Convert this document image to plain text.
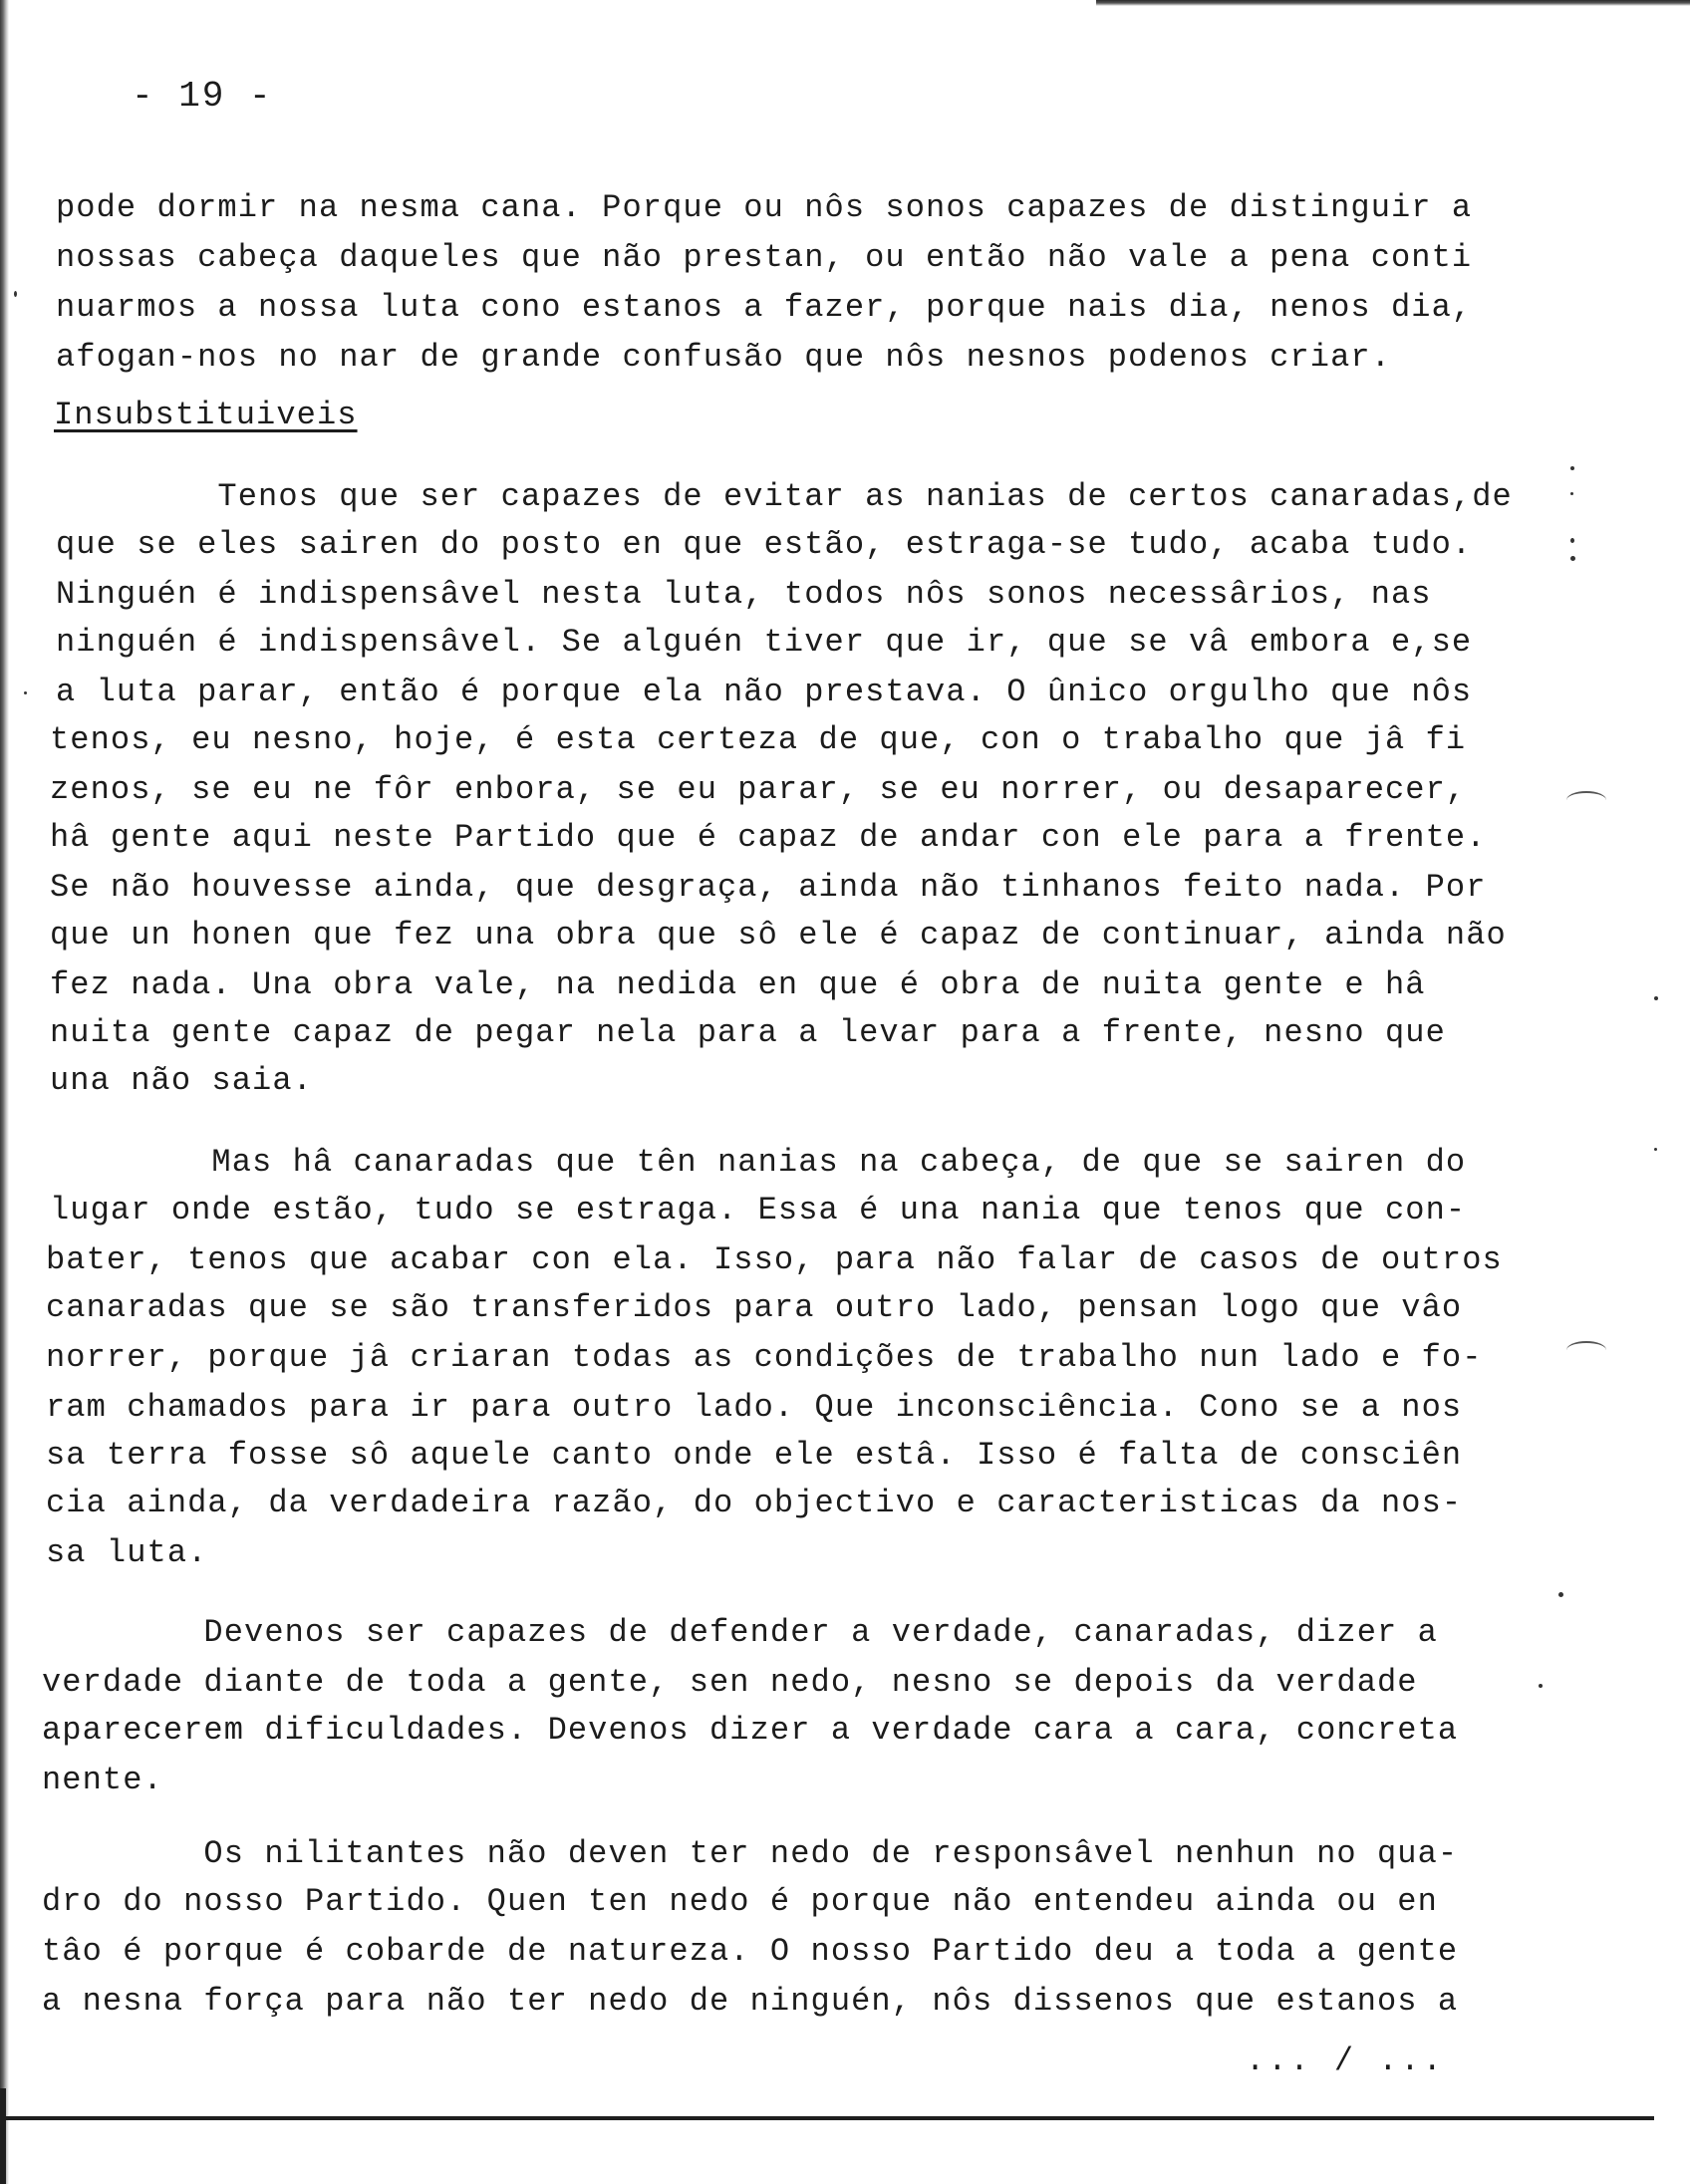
- 19 -
Insubstituiveis
pode dormir na nesma cana. Porque ou nôs sonos capazes de distinguir a
nossas cabeça daqueles que não prestan, ou então não vale a pena conti
nuarmos a nossa luta cono estanos a fazer, porque nais dia, nenos dia,
afogan-nos no nar de grande confusão que nôs nesnos podenos criar.
Tenos que ser capazes de evitar as nanias de certos canaradas,de
que se eles sairen do posto en que estão, estraga-se tudo, acaba tudo.
Ninguén é indispensâvel nesta luta, todos nôs sonos necessârios, nas
ninguén é indispensâvel. Se alguén tiver que ir, que se vâ embora e,se
a luta parar, então é porque ela não prestava. O ûnico orgulho que nôs
tenos, eu nesno, hoje, é esta certeza de que, con o trabalho que jâ fi
zenos, se eu ne fôr enbora, se eu parar, se eu norrer, ou desaparecer,
hâ gente aqui neste Partido que é capaz de andar con ele para a frente.
Se não houvesse ainda, que desgraça, ainda não tinhanos feito nada. Por
que un honen que fez una obra que sô ele é capaz de continuar, ainda não
fez nada. Una obra vale, na nedida en que é obra de nuita gente e hâ
nuita gente capaz de pegar nela para a levar para a frente, nesno que
una não saia.
Mas hâ canaradas que tên nanias na cabeça, de que se sairen do
lugar onde estão, tudo se estraga. Essa é una nania que tenos que con-
bater, tenos que acabar con ela. Isso, para não falar de casos de outros
canaradas que se são transferidos para outro lado, pensan logo que vâo
norrer, porque jâ criaran todas as condições de trabalho nun lado e fo-
ram chamados para ir para outro lado. Que inconsciência. Cono se a nos
sa terra fosse sô aquele canto onde ele estâ. Isso é falta de consciên
cia ainda, da verdadeira razão, do objectivo e caracteristicas da nos-
sa luta.
Devenos ser capazes de defender a verdade, canaradas, dizer a
verdade diante de toda a gente, sen nedo, nesno se depois da verdade
aparecerem dificuldades. Devenos dizer a verdade cara a cara, concreta
nente.
Os nilitantes não deven ter nedo de responsâvel nenhun no qua-
dro do nosso Partido. Quen ten nedo é porque não entendeu ainda ou en
tâo é porque é cobarde de natureza. O nosso Partido deu a toda a gente
a nesna força para não ter nedo de ninguén, nôs dissenos que estanos a
... / ...
